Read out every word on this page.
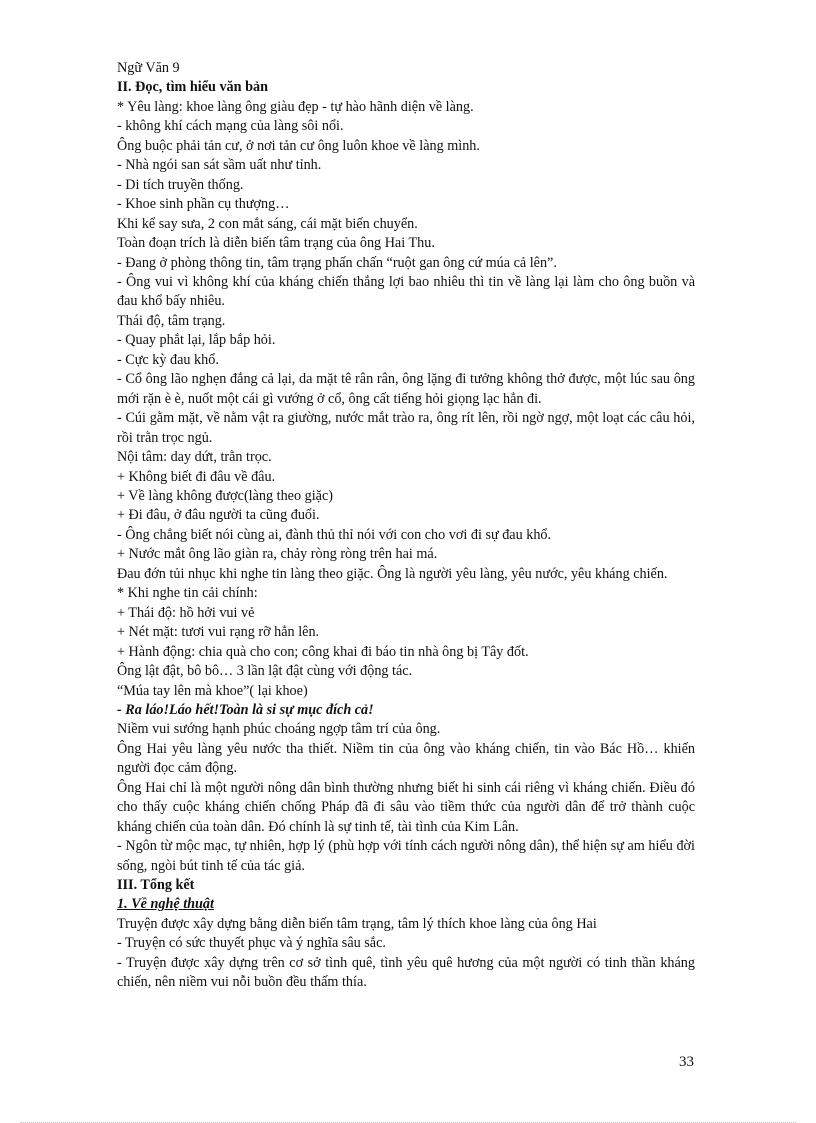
Ngữ Văn 9
II. Đọc, tìm hiểu văn bản
* Yêu làng: khoe làng ông giàu đẹp - tự hào hãnh diện về làng.
- không khí cách mạng của làng sôi nổi.
Ông buộc phải tản cư, ở nơi tản cư ông luôn khoe về làng mình.
- Nhà ngói san sát sầm uất như tỉnh.
- Di tích truyền thống.
- Khoe sinh phần cụ thượng…
Khi kể say sưa, 2 con mắt sáng, cái mặt biến chuyển.
Toàn đoạn trích là diễn biến tâm trạng của ông Hai Thu.
- Đang ở phòng thông tin, tâm trạng phấn chấn “ruột gan ông cứ múa cả lên”.
- Ông vui vì không khí của kháng chiến thắng lợi bao nhiêu thì tin về làng lại làm cho ông buồn và đau khổ bấy nhiêu.
Thái độ, tâm trạng.
- Quay phắt lại, lắp bắp hỏi.
- Cực kỳ đau khổ.
- Cổ ông lão nghẹn đắng cả lại, da mặt tê rân rân, ông lặng đi tưởng không thở được, một lúc sau ông mới rặn è è, nuốt một cái gì vướng ở cổ, ông cất tiếng hỏi giọng lạc hẳn đi.
- Cúi gằm mặt, về nằm vật ra giường, nước mắt trào ra, ông rít lên, rồi ngờ ngợ, một loạt các câu hỏi, rồi trằn trọc ngủ.
Nội tâm: day dứt, trằn trọc.
+ Không biết đi đâu về đâu.
+ Về làng không được(làng theo giặc)
+ Đi đâu, ở đâu người ta cũng đuổi.
- Ông chẳng biết nói cùng ai, đành thủ thỉ nói với con cho vơi đi sự đau khổ.
+ Nước mắt ông lão giàn ra, chảy ròng ròng trên hai má.
Đau đớn tủi nhục khi nghe tin làng theo giặc. Ông là người yêu làng, yêu nước, yêu kháng chiến.
* Khi nghe tin cải chính:
+ Thái độ: hồ hởi vui vẻ
+ Nét mặt: tươi vui rạng rỡ hẳn lên.
+ Hành động: chia quà cho con; công khai đi báo tin nhà ông bị Tây đốt.
Ông lật đật, bô bô… 3 lần lật đật cùng với động tác.
“Múa tay lên mà khoe”( lại khoe)
- Ra láo!Láo hết!Toàn là si sự mục đích cả!
Niềm vui sướng hạnh phúc choáng ngợp tâm trí của ông.
Ông Hai yêu làng yêu nước tha thiết. Niềm tin của ông vào kháng chiến, tin vào Bác Hồ… khiến người đọc cảm động.
Ông Hai chỉ là một người nông dân bình thường nhưng biết hi sinh cái riêng vì kháng chiến. Điều đó cho thấy cuộc kháng chiến chống Pháp đã đi sâu vào tiềm thức của người dân để trở thành cuộc kháng chiến của toàn dân. Đó chính là sự tinh tế, tài tình của Kim Lân.
- Ngôn từ mộc mạc, tự nhiên, hợp lý (phù hợp với tính cách người nông dân), thể hiện sự am hiểu đời sống, ngòi bút tinh tế của tác giả.
III. Tổng kết
1. Về nghệ thuật
Truyện được xây dựng bằng diễn biến tâm trạng, tâm lý thích khoe làng của ông Hai
- Truyện có sức thuyết phục và ý nghĩa sâu sắc.
- Truyện được xây dựng trên cơ sở tình quê, tình yêu quê hương của một người có tinh thần kháng chiến, nên niềm vui nỗi buồn đều thấm thía.
33
